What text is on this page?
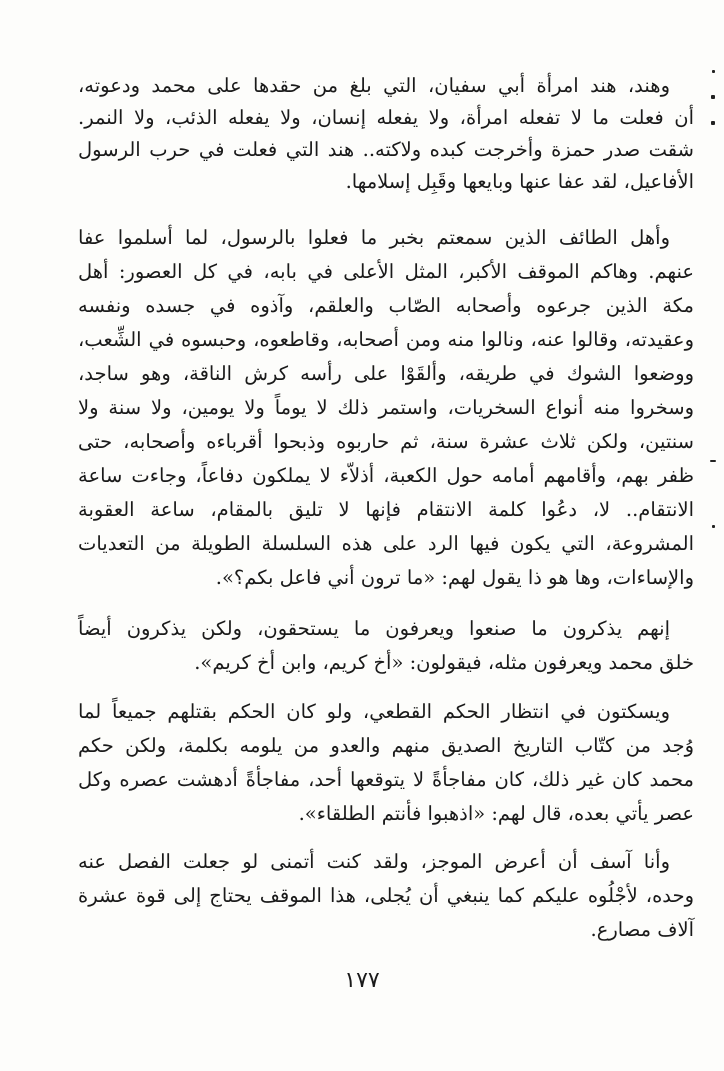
وهند، هند امرأة أبي سفيان، التي بلغ من حقدها على محمد ودعوته،
أن فعلت ما لا تفعله امرأة، ولا يفعله إنسان، ولا يفعله الذئب، ولا النمر.
شقت صدر حمزة وأخرجت كبده ولاكته.. هند التي فعلت في حرب الرسول
الأفاعيل، لقد عفا عنها وبايعها وقَبِل إسلامها.
وأهل الطائف الذين سمعتم بخبر ما فعلوا بالرسول، لما أسلموا عفا
عنهم. وهاكم الموقف الأكبر، المثل الأعلى في بابه، في كل العصور: أهل
مكة الذين جرعوه وأصحابه الصّاب والعلقم، وآذوه في جسده ونفسه
وعقيدته، وقالوا عنه، ونالوا منه ومن أصحابه، وقاطعوه، وحبسوه في الشِّعب،
ووضعوا الشوك في طريقه، وألقَوْا على رأسه كرش الناقة، وهو ساجد،
وسخروا منه أنواع السخريات، واستمر ذلك لا يوماً ولا يومين، ولا سنة ولا
سنتين، ولكن ثلاث عشرة سنة، ثم حاربوه وذبحوا أقرباءه وأصحابه، حتى
ظفر بهم، وأقامهم أمامه حول الكعبة، أذلاّء لا يملكون دفاعاً، وجاءت ساعة
الانتقام.. لا، دعُوا كلمة الانتقام فإنها لا تليق بالمقام، ساعة العقوبة
المشروعة، التي يكون فيها الرد على هذه السلسلة الطويلة من التعديات
والإساءات، وها هو ذا يقول لهم: «ما ترون أني فاعل بكم؟».
إنهم يذكرون ما صنعوا ويعرفون ما يستحقون، ولكن يذكرون أيضاً
خلق محمد ويعرفون مثله، فيقولون: «أخ كريم، وابن أخ كريم».
ويسكتون في انتظار الحكم القطعي، ولو كان الحكم بقتلهم جميعاً لما
وُجد من كتّاب التاريخ الصديق منهم والعدو من يلومه بكلمة، ولكن حكم
محمد كان غير ذلك، كان مفاجأةً لا يتوقعها أحد، مفاجأةً أدهشت عصره وكل
عصر يأتي بعده، قال لهم: «اذهبوا فأنتم الطلقاء».
وأنا آسف أن أعرض الموجز، ولقد كنت أتمنى لو جعلت الفصل عنه
وحده، لأجْلُوه عليكم كما ينبغي أن يُجلى، هذا الموقف يحتاج إلى قوة عشرة
آلاف مصارع.
١٧٧
